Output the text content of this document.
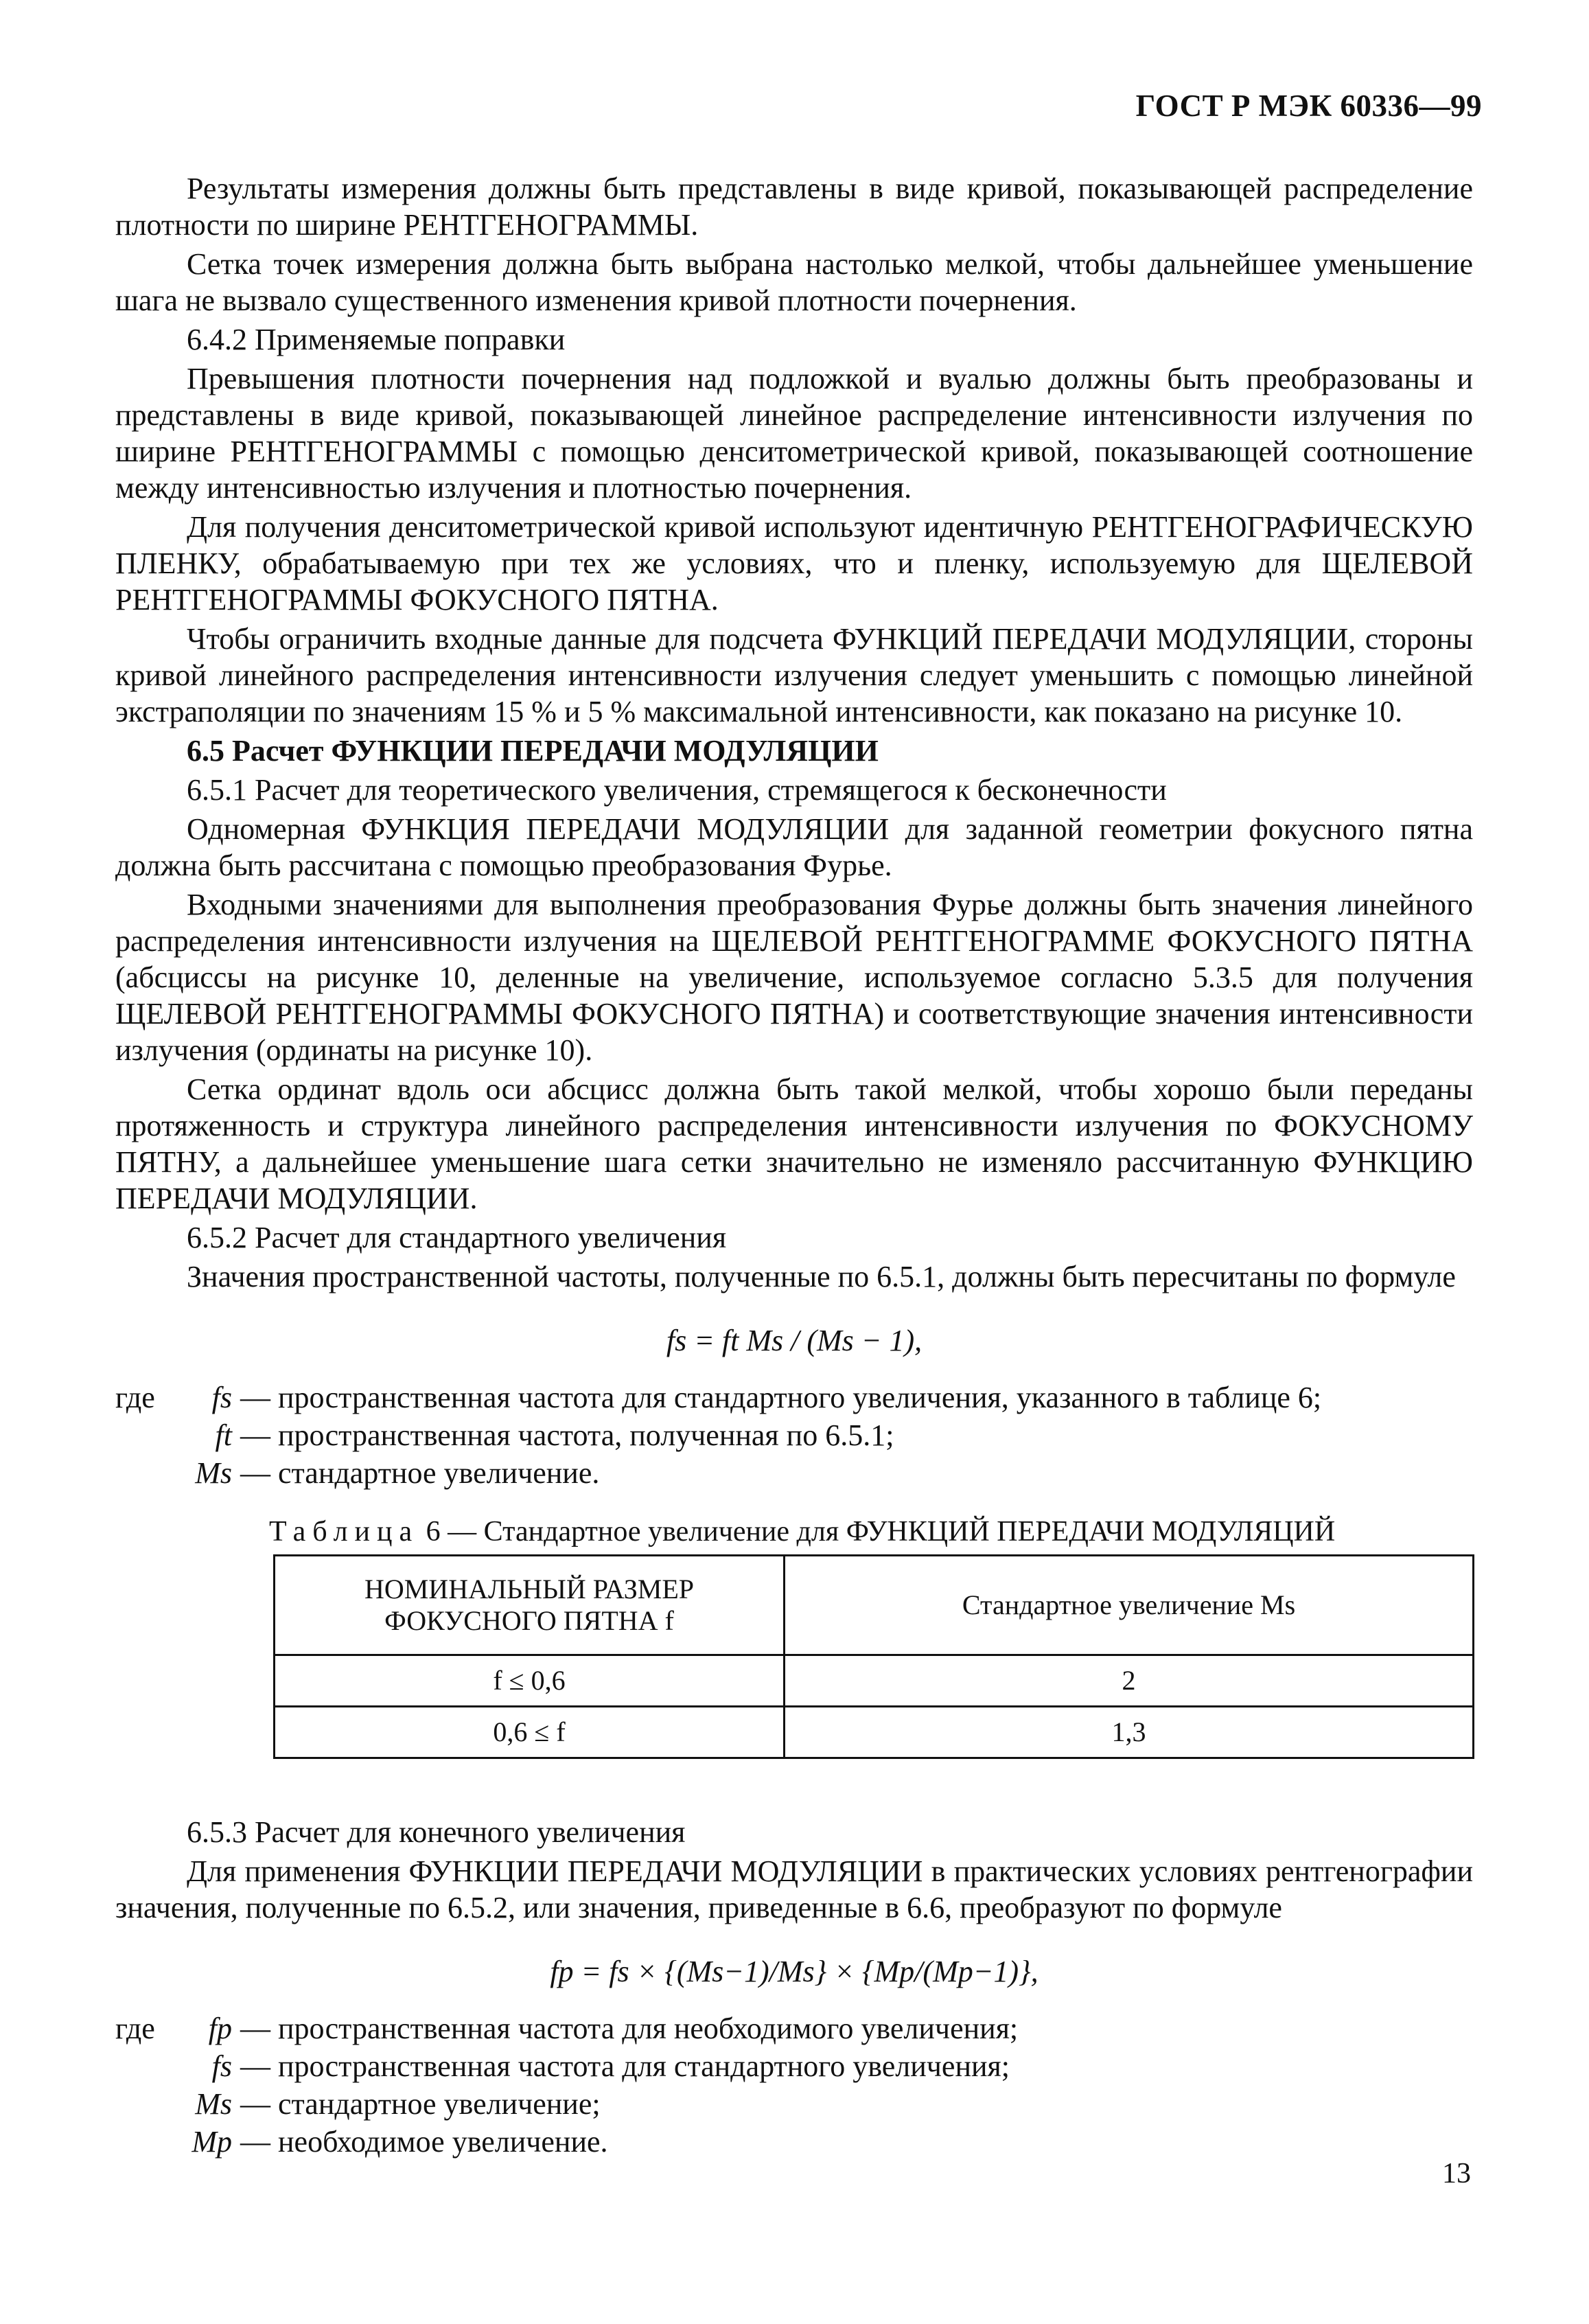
ГОСТ Р МЭК 60336—99

Результаты измерения должны быть представлены в виде кривой, показывающей распределение плотности по ширине РЕНТГЕНОГРАММЫ.

Сетка точек измерения должна быть выбрана настолько мелкой, чтобы дальнейшее уменьшение шага не вызвало существенного изменения кривой плотности почернения.

6.4.2 Применяемые поправки

Превышения плотности почернения над подложкой и вуалью должны быть преобразованы и представлены в виде кривой, показывающей линейное распределение интенсивности излучения по ширине РЕНТГЕНОГРАММЫ с помощью денситометрической кривой, показывающей соотношение между интенсивностью излучения и плотностью почернения.

Для получения денситометрической кривой используют идентичную РЕНТГЕНОГРАФИЧЕСКУЮ ПЛЕНКУ, обрабатываемую при тех же условиях, что и пленку, используемую для ЩЕЛЕВОЙ РЕНТГЕНОГРАММЫ ФОКУСНОГО ПЯТНА.

Чтобы ограничить входные данные для подсчета ФУНКЦИЙ ПЕРЕДАЧИ МОДУЛЯЦИИ, стороны кривой линейного распределения интенсивности излучения следует уменьшить с помощью линейной экстраполяции по значениям 15 % и 5 % максимальной интенсивности, как показано на рисунке 10.

6.5 Расчет ФУНКЦИИ ПЕРЕДАЧИ МОДУЛЯЦИИ

6.5.1 Расчет для теоретического увеличения, стремящегося к бесконечности

Одномерная ФУНКЦИЯ ПЕРЕДАЧИ МОДУЛЯЦИИ для заданной геометрии фокусного пятна должна быть рассчитана с помощью преобразования Фурье.

Входными значениями для выполнения преобразования Фурье должны быть значения линейного распределения интенсивности излучения на ЩЕЛЕВОЙ РЕНТГЕНОГРАММЕ ФОКУСНОГО ПЯТНА (абсциссы на рисунке 10, деленные на увеличение, используемое согласно 5.3.5 для получения ЩЕЛЕВОЙ РЕНТГЕНОГРАММЫ ФОКУСНОГО ПЯТНА) и соответствующие значения интенсивности излучения (ординаты на рисунке 10).

Сетка ординат вдоль оси абсцисс должна быть такой мелкой, чтобы хорошо были переданы протяженность и структура линейного распределения интенсивности излучения по ФОКУСНОМУ ПЯТНУ, а дальнейшее уменьшение шага сетки значительно не изменяло рассчитанную ФУНКЦИЮ ПЕРЕДАЧИ МОДУЛЯЦИИ.

6.5.2 Расчет для стандартного увеличения

Значения пространственной частоты, полученные по 6.5.1, должны быть пересчитаны по формуле

fs = ft Ms / (Ms − 1),
где fs — пространственная частота для стандартного увеличения, указанного в таблице 6;
ft — пространственная частота, полученная по 6.5.1;
Ms — стандартное увеличение.
Таблица 6 — Стандартное увеличение для ФУНКЦИЙ ПЕРЕДАЧИ МОДУЛЯЦИЙ
НОМИНАЛЬНЫЙ РАЗМЕР ФОКУСНОГО ПЯТНА f	Стандартное увеличение Ms
f ≤ 0,6	2
0,6 ≤ f	1,3

6.5.3 Расчет для конечного увеличения

Для применения ФУНКЦИИ ПЕРЕДАЧИ МОДУЛЯЦИИ в практических условиях рентгенографии значения, полученные по 6.5.2, или значения, приведенные в 6.6, преобразуют по формуле

fp = fs × {(Ms−1)/Ms} × {Mp/(Mp−1)},
где fp — пространственная частота для необходимого увеличения;
fs — пространственная частота для стандартного увеличения;
Ms — стандартное увеличение;
Mp — необходимое увеличение.
13
